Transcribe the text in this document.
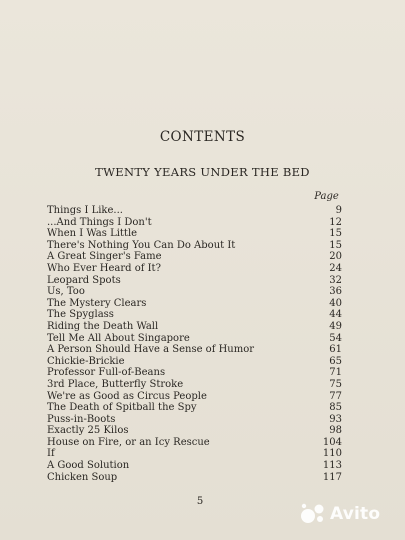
CONTENTS
TWENTY YEARS UNDER THE BED
Page
Things I Like...	9
...And Things I Don't	12
When I Was Little	15
There's Nothing You Can Do About It	15
A Great Singer's Fame	20
Who Ever Heard of It?	24
Leopard Spots	32
Us, Too	36
The Mystery Clears	40
The Spyglass	44
Riding the Death Wall	49
Tell Me All About Singapore	54
A Person Should Have a Sense of Humor	61
Chickie-Brickie	65
Professor Full-of-Beans	71
3rd Place, Butterfly Stroke	75
We're as Good as Circus People	77
The Death of Spitball the Spy	85
Puss-in-Boots	93
Exactly 25 Kilos	98
House on Fire, or an Icy Rescue	104
If	110
A Good Solution	113
Chicken Soup	117
5
Avito
